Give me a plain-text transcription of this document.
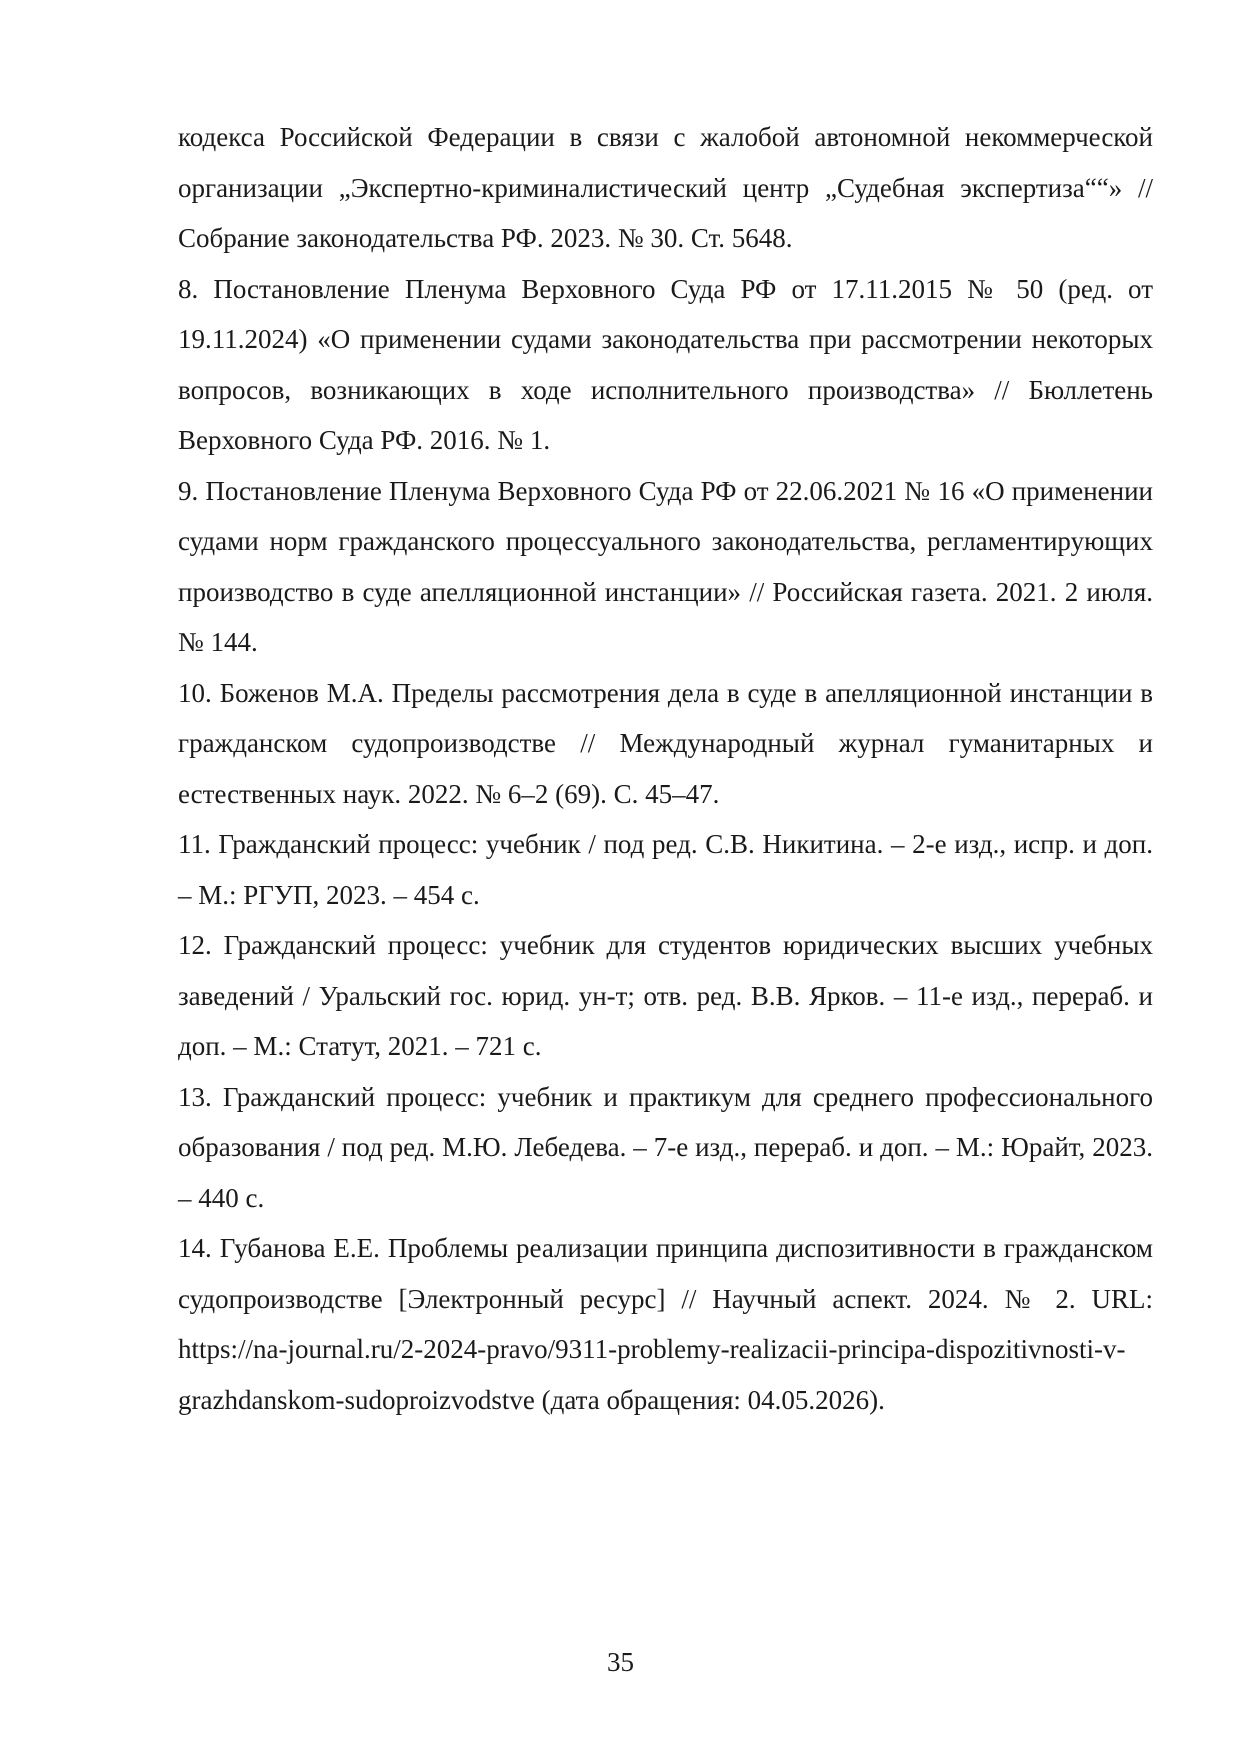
кодекса Российской Федерации в связи с жалобой автономной некоммерческой организации „Экспертно-криминалистический центр „Судебная экспертиза““» // Собрание законодательства РФ. 2023. № 30. Ст. 5648.

8. Постановление Пленума Верховного Суда РФ от 17.11.2015 № 50 (ред. от 19.11.2024) «О применении судами законодательства при рассмотрении некоторых вопросов, возникающих в ходе исполнительного производства» // Бюллетень Верховного Суда РФ. 2016. № 1.

9. Постановление Пленума Верховного Суда РФ от 22.06.2021 № 16 «О применении судами норм гражданского процессуального законодательства, регламентирующих производство в суде апелляционной инстанции» // Российская газета. 2021. 2 июля. № 144.

10. Боженов М.А. Пределы рассмотрения дела в суде в апелляционной инстанции в гражданском судопроизводстве // Международный журнал гуманитарных и естественных наук. 2022. № 6–2 (69). С. 45–47.

11. Гражданский процесс: учебник / под ред. С.В. Никитина. – 2-е изд., испр. и доп. – М.: РГУП, 2023. – 454 с.

12. Гражданский процесс: учебник для студентов юридических высших учебных заведений / Уральский гос. юрид. ун-т; отв. ред. В.В. Ярков. – 11-е изд., перераб. и доп. – М.: Статут, 2021. – 721 с.

13. Гражданский процесс: учебник и практикум для среднего профессионального образования / под ред. М.Ю. Лебедева. – 7-е изд., перераб. и доп. – М.: Юрайт, 2023. – 440 с.

14. Губанова Е.Е. Проблемы реализации принципа диспозитивности в гражданском судопроизводстве [Электронный ресурс] // Научный аспект. 2024. № 2. URL: https://na-journal.ru/2-2024-pravo/9311-problemy-realizacii-principa-dispozitivnosti-v-grazhdanskom-sudoproizvodstve (дата обращения: 04.05.2026).

35
